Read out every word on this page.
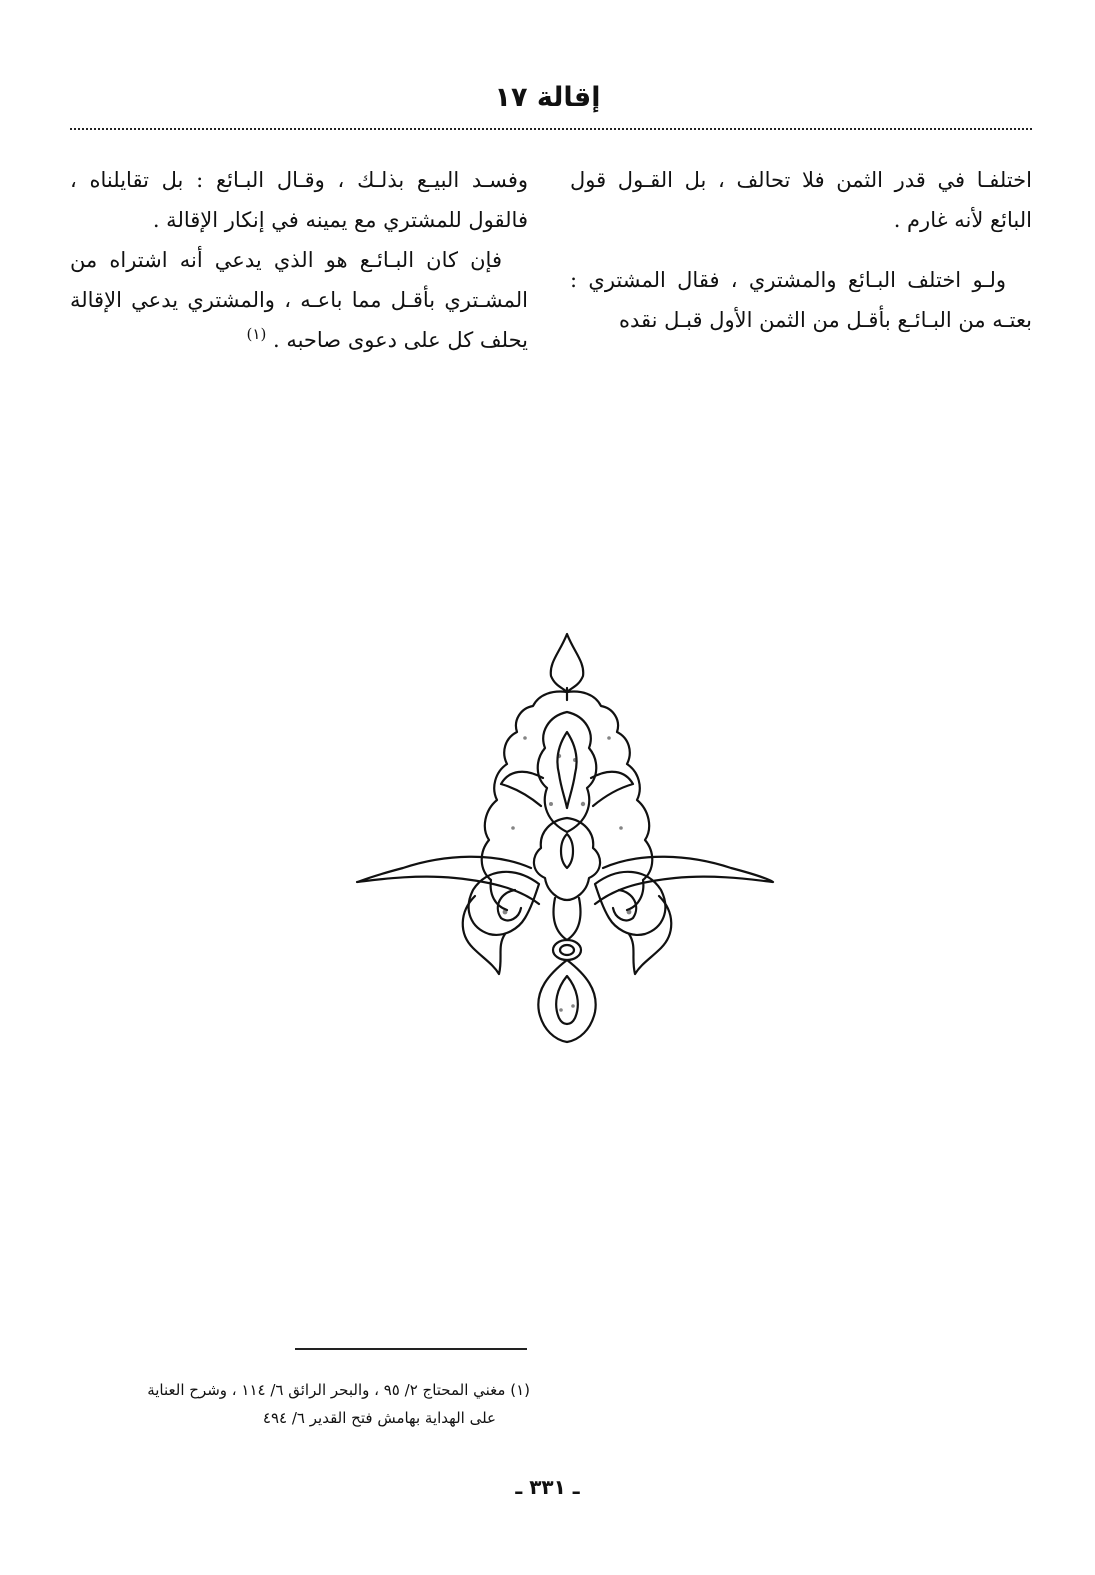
إقالة ١٧

اختلفـا في قدر الثمن فلا تحالف ، بل القـول قول البائع لأنه غارم .

ولـو اختلف البـائع والمشتري ، فقال المشتري : بعتـه من البـائـع بأقـل من الثمن الأول قبـل نقده

وفسـد البيـع بذلـك ، وقـال البـائع : بل تقايلناه ، فالقول للمشتري مع يمينه في إنكار الإقالة .

فإن كان البـائـع هو الذي يدعي أنه اشتراه من المشـتري بأقـل مما باعـه ، والمشتري يدعي الإقالة يحلف كل على دعوى صاحبه . $^{(١)}$

(١) مغني المحتاج ٢/ ٩٥ ، والبحر الرائق ٦/ ١١٤ ، وشرح العناية

على الهداية بهامش فتح القدير ٦/ ٤٩٤

ـ ٣٣١ ـ
